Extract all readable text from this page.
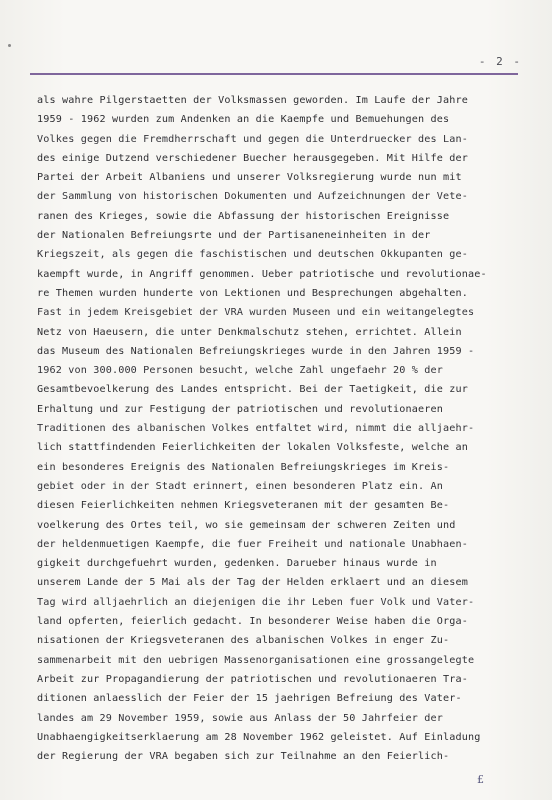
- 2 -
als wahre Pilgerstaetten der Volksmassen geworden. Im Laufe der Jahre
1959 - 1962 wurden zum Andenken an die Kaempfe und Bemuehungen des
Volkes gegen die Fremdherrschaft und gegen die Unterdruecker des Lan-
des einige Dutzend verschiedener Buecher herausgegeben. Mit Hilfe der
Partei der Arbeit Albaniens und unserer Volksregierung wurde nun mit
der Sammlung von historischen Dokumenten und Aufzeichnungen der Vete-
ranen des Krieges, sowie die Abfassung der historischen Ereignisse
der Nationalen Befreiungsrte und der Partisaneneinheiten in der
Kriegszeit, als gegen die faschistischen und deutschen Okkupanten ge-
kaempft wurde, in Angriff genommen. Ueber patriotische und revolutionae-
re Themen wurden hunderte von Lektionen und Besprechungen abgehalten.
Fast in jedem Kreisgebiet der VRA wurden Museen und ein weitangelegtes
Netz von Haeusern, die unter Denkmalschutz stehen, errichtet. Allein
das Museum des Nationalen Befreiungskrieges wurde in den Jahren 1959 -
1962 von 300.000 Personen besucht, welche Zahl ungefaehr 20 % der
Gesamtbevoelkerung des Landes entspricht. Bei der Taetigkeit, die zur
Erhaltung und zur Festigung der patriotischen und revolutionaeren
Traditionen des albanischen Volkes entfaltet wird, nimmt die alljaehr-
lich stattfindenden Feierlichkeiten der lokalen Volksfeste, welche an
ein besonderes Ereignis des Nationalen Befreiungskrieges im Kreis-
gebiet oder in der Stadt erinnert, einen besonderen Platz ein. An
diesen Feierlichkeiten nehmen Kriegsveteranen mit der gesamten Be-
voelkerung des Ortes teil, wo sie gemeinsam der schweren Zeiten und
der heldenmuetigen Kaempfe, die fuer Freiheit und nationale Unabhaen-
gigkeit durchgefuehrt wurden, gedenken. Darueber hinaus wurde in
unserem Lande der 5 Mai als der Tag der Helden erklaert und an diesem
Tag wird alljaehrlich an diejenigen die ihr Leben fuer Volk und Vater-
land opferten, feierlich gedacht. In besonderer Weise haben die Orga-
nisationen der Kriegsveteranen des albanischen Volkes in enger Zu-
sammenarbeit mit den uebrigen Massenorganisationen eine grossangelegte
Arbeit zur Propagandierung der patriotischen und revolutionaeren Tra-
ditionen anlaesslich der Feier der 15 jaehrigen Befreiung des Vater-
landes am 29 November 1959, sowie aus Anlass der 50 Jahrfeier der
Unabhaengigkeitserklaerung am 28 November 1962 geleistet. Auf Einladung
der Regierung der VRA begaben sich zur Teilnahme an den Feierlich-
£
